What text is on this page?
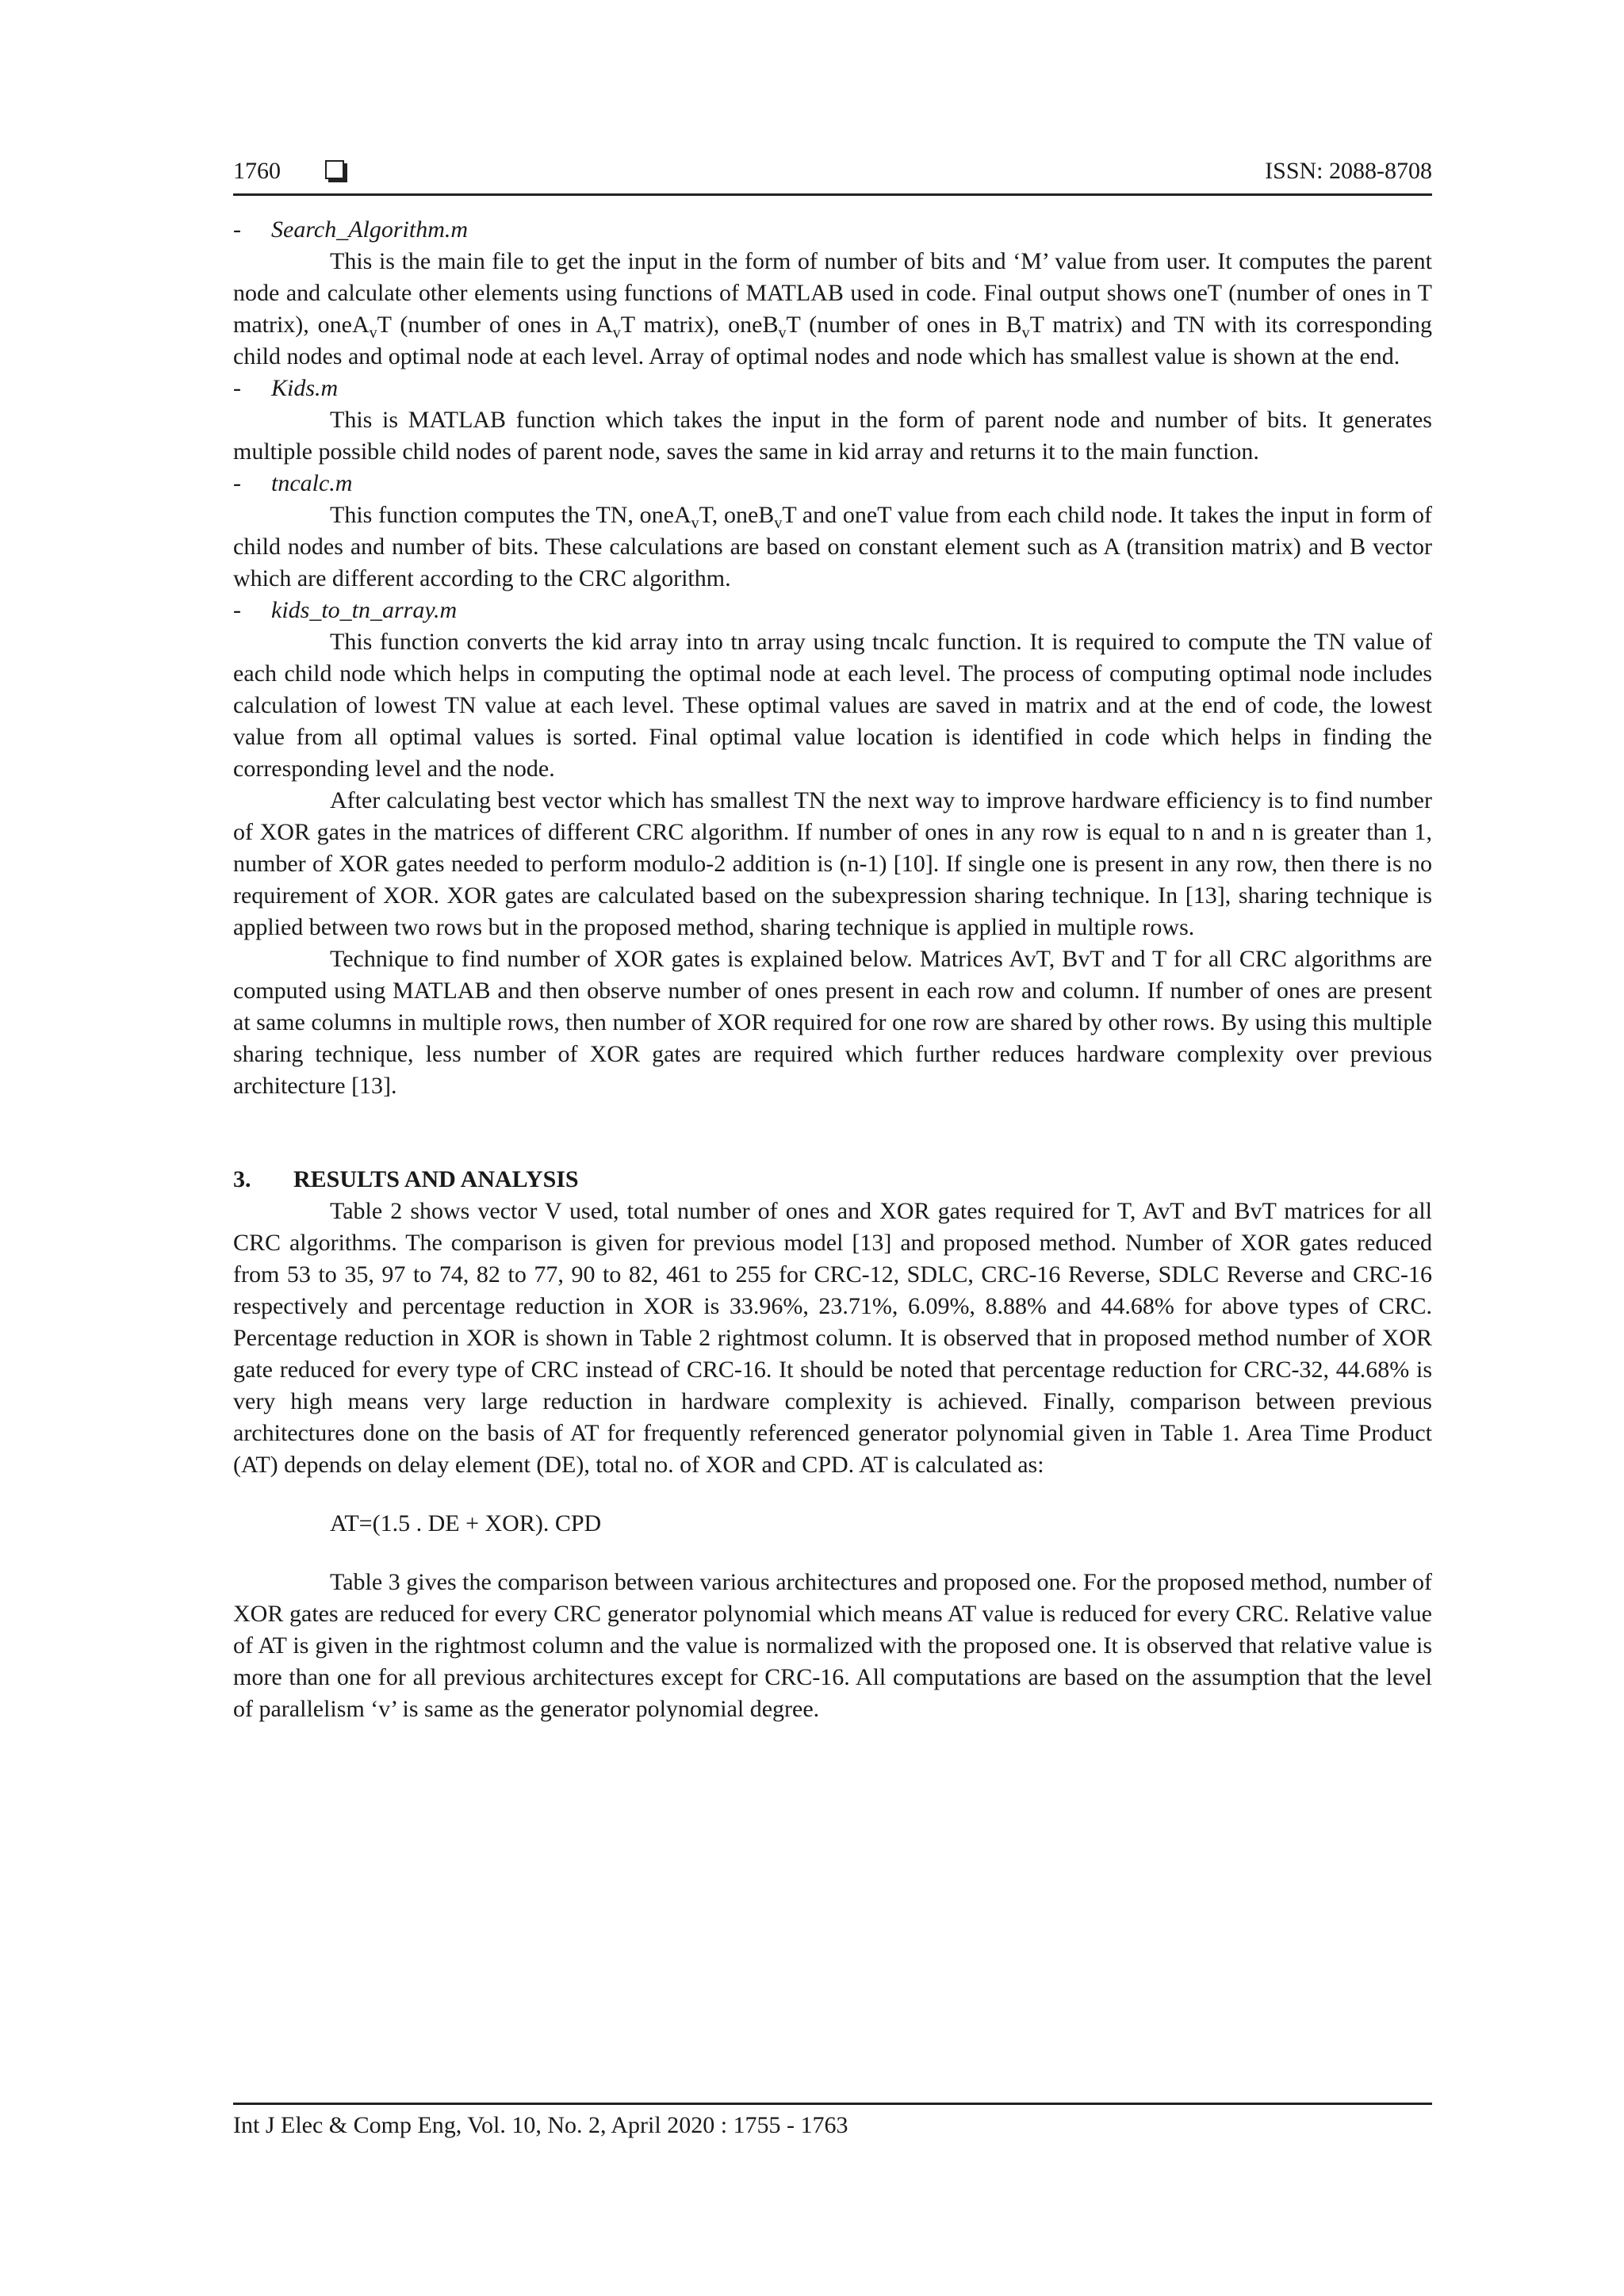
1760	ISSN: 2088-8708
- Search_Algorithm.m

This is the main file to get the input in the form of number of bits and ‘M’ value from user. It computes the parent node and calculate other elements using functions of MATLAB used in code. Final output shows oneT (number of ones in T matrix), oneA$_v$T (number of ones in $A_vT$ matrix), oneB$_v$T (number of ones in $B_vT$ matrix) and TN with its corresponding child nodes and optimal node at each level. Array of optimal nodes and node which has smallest value is shown at the end.

- Kids.m

This is MATLAB function which takes the input in the form of parent node and number of bits. It generates multiple possible child nodes of parent node, saves the same in kid array and returns it to the main function.

- tncalc.m

This function computes the TN, oneA$_v$T, oneB$_v$T and oneT value from each child node. It takes the input in form of child nodes and number of bits. These calculations are based on constant element such as A (transition matrix) and B vector which are different according to the CRC algorithm.

- kids_to_tn_array.m

This function converts the kid array into tn array using tncalc function. It is required to compute the TN value of each child node which helps in computing the optimal node at each level. The process of computing optimal node includes calculation of lowest TN value at each level. These optimal values are saved in matrix and at the end of code, the lowest value from all optimal values is sorted. Final optimal value location is identified in code which helps in finding the corresponding level and the node.

After calculating best vector which has smallest TN the next way to improve hardware efficiency is to find number of XOR gates in the matrices of different CRC algorithm. If number of ones in any row is equal to n and n is greater than 1, number of XOR gates needed to perform modulo-2 addition is (n-1) [10]. If single one is present in any row, then there is no requirement of XOR. XOR gates are calculated based on the subexpression sharing technique. In [13], sharing technique is applied between two rows but in the proposed method, sharing technique is applied in multiple rows.

Technique to find number of XOR gates is explained below. Matrices AvT, BvT and T for all CRC algorithms are computed using MATLAB and then observe number of ones present in each row and column. If number of ones are present at same columns in multiple rows, then number of XOR required for one row are shared by other rows. By using this multiple sharing technique, less number of XOR gates are required which further reduces hardware complexity over previous architecture [13].

3. RESULTS AND ANALYSIS

Table 2 shows vector V used, total number of ones and XOR gates required for T, AvT and BvT matrices for all CRC algorithms. The comparison is given for previous model [13] and proposed method. Number of XOR gates reduced from 53 to 35, 97 to 74, 82 to 77, 90 to 82, 461 to 255 for CRC-12, SDLC, CRC-16 Reverse, SDLC Reverse and CRC-16 respectively and percentage reduction in XOR is 33.96%, 23.71%, 6.09%, 8.88% and 44.68% for above types of CRC. Percentage reduction in XOR is shown in Table 2 rightmost column. It is observed that in proposed method number of XOR gate reduced for every type of CRC instead of CRC-16. It should be noted that percentage reduction for CRC-32, 44.68% is very high means very large reduction in hardware complexity is achieved. Finally, comparison between previous architectures done on the basis of AT for frequently referenced generator polynomial given in Table 1. Area Time Product (AT) depends on delay element (DE), total no. of XOR and CPD. AT is calculated as:

AT=(1.5 . DE + XOR). CPD

Table 3 gives the comparison between various architectures and proposed one. For the proposed method, number of XOR gates are reduced for every CRC generator polynomial which means AT value is reduced for every CRC. Relative value of AT is given in the rightmost column and the value is normalized with the proposed one. It is observed that relative value is more than one for all previous architectures except for CRC-16. All computations are based on the assumption that the level of parallelism ‘v’ is same as the generator polynomial degree.

Int J Elec & Comp Eng, Vol. 10, No. 2, April 2020 : 1755 - 1763
